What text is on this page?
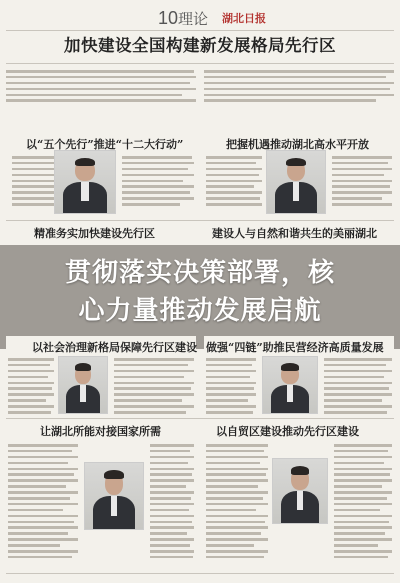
10理论 湖北日报
加快建设全国构建新发展格局先行区
以“五个先行”推进“十二大行动”	把握机遇推动湖北高水平开放
精准务实加快建设先行区	建设人与自然和谐共生的美丽湖北
贯彻落实决策部署，核
心力量推动发展启航
以社会治理新格局保障先行区建设 做强“四链”助推民营经济高质量发展
让湖北所能对接国家所需	以自贸区建设推动先行区建设
